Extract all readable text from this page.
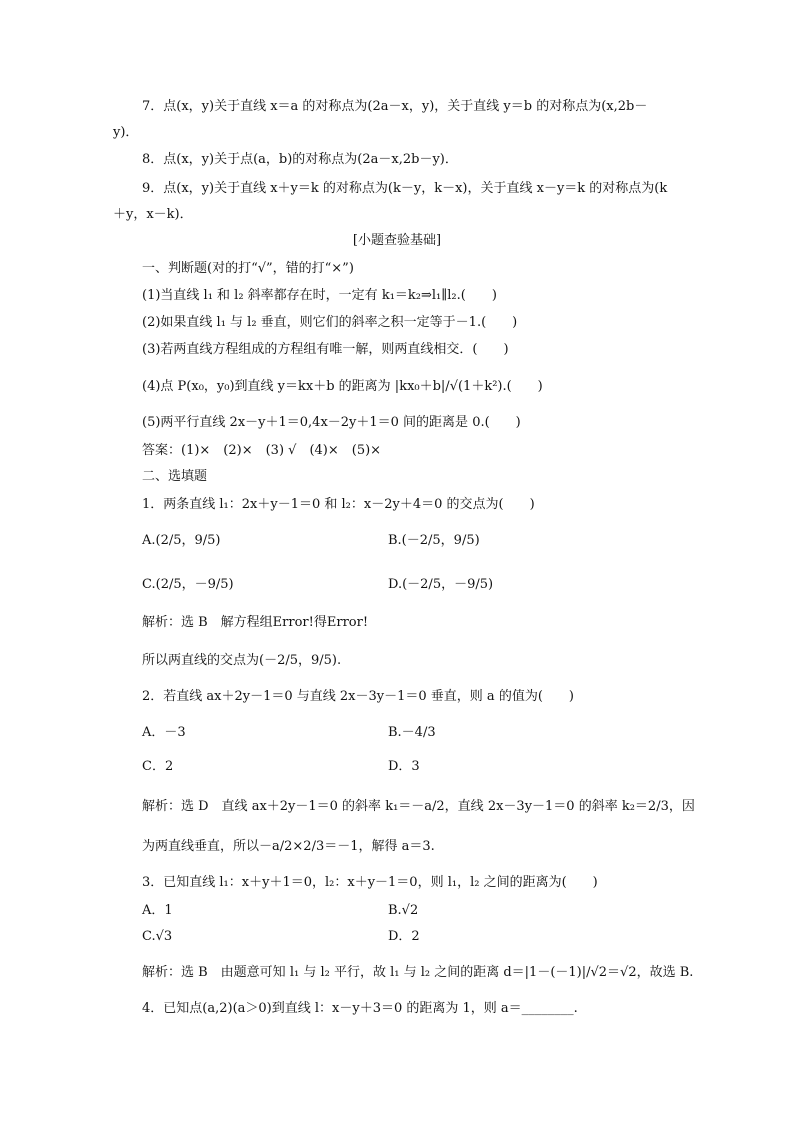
7．点(x，y)关于直线 x＝a 的对称点为(2a－x，y)，关于直线 y＝b 的对称点为(x,2b－
y)．
8．点(x，y)关于点(a，b)的对称点为(2a－x,2b－y)．
9．点(x，y)关于直线 x＋y＝k 的对称点为(k－y，k－x)，关于直线 x－y＝k 的对称点为(k
＋y，x－k)．
[小题查验基础]
一、判断题(对的打“√”，错的打“×”)
(1)当直线 l₁ 和 l₂ 斜率都存在时，一定有 k₁＝k₂⇒l₁∥l₂.(　　)
(2)如果直线 l₁ 与 l₂ 垂直，则它们的斜率之积一定等于－1.(　　)
(3)若两直线方程组成的方程组有唯一解，则两直线相交．(　　)
(4)点 P(x₀，y₀)到直线 y＝kx＋b 的距离为 |kx₀＋b|/√(1＋k²).(　　)
(5)两平行直线 2x－y＋1＝0,4x－2y＋1＝0 间的距离是 0.(　　)
答案：(1)×　(2)×　(3) √　(4)×　(5)×
二、选填题
1．两条直线 l₁：2x＋y－1＝0 和 l₂：x－2y＋4＝0 的交点为(　　)
A.(2/5，9/5)	B.(－2/5，9/5)
C.(2/5，－9/5)	D.(－2/5，－9/5)
解析：选 B　解方程组Error!得Error!
所以两直线的交点为(－2/5，9/5).
2．若直线 ax＋2y－1＝0 与直线 2x－3y－1＝0 垂直，则 a 的值为(　　)
A．－3	B.－4/3
C．2	D．3
解析：选 D　直线 ax＋2y－1＝0 的斜率 k₁＝－a/2，直线 2x－3y－1＝0 的斜率 k₂＝2/3，因
为两直线垂直，所以－a/2×2/3＝－1，解得 a＝3.
3．已知直线 l₁：x＋y＋1＝0，l₂：x＋y－1＝0，则 l₁，l₂ 之间的距离为(　　)
A．1	B.√2
C.√3	D．2
解析：选 B　由题意可知 l₁ 与 l₂ 平行，故 l₁ 与 l₂ 之间的距离 d＝|1－(－1)|/√2＝√2，故选 B.
4．已知点(a,2)(a＞0)到直线 l：x－y＋3＝0 的距离为 1，则 a＝________.
